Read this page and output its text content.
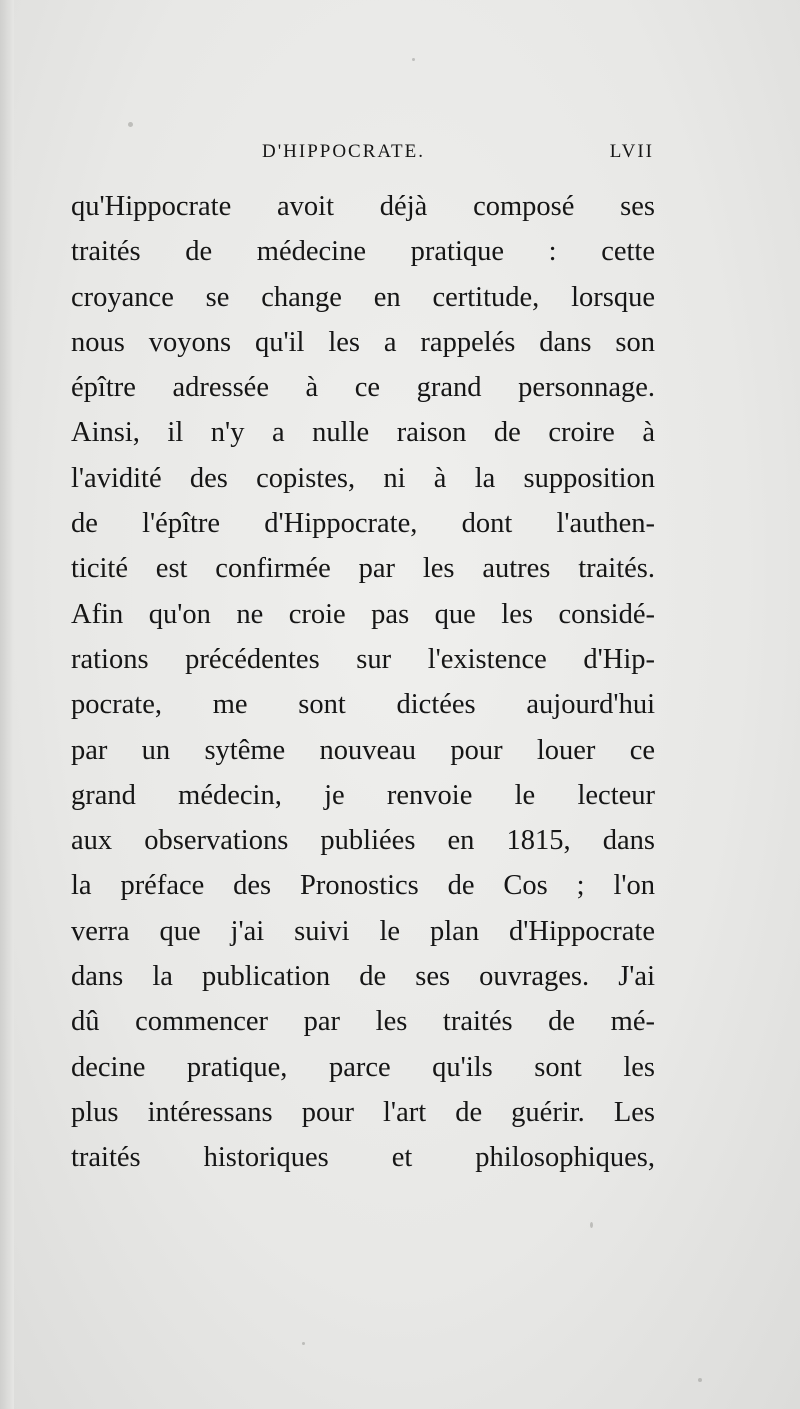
D'HIPPOCRATE.	LVII
qu'Hippocrate avoit déjà composé ses
traités de médecine pratique : cette
croyance se change en certitude, lorsque
nous voyons qu'il les a rappelés dans son
épître adressée à ce grand personnage.
Ainsi, il n'y a nulle raison de croire à
l'avidité des copistes, ni à la supposition
de l'épître d'Hippocrate, dont l'authen-
ticité est confirmée par les autres traités.
Afin qu'on ne croie pas que les considé-
rations précédentes sur l'existence d'Hip-
pocrate, me sont dictées aujourd'hui
par un sytême nouveau pour louer ce
grand médecin, je renvoie le lecteur
aux observations publiées en 1815, dans
la préface des Pronostics de Cos ; l'on
verra que j'ai suivi le plan d'Hippocrate
dans la publication de ses ouvrages. J'ai
dû commencer par les traités de mé-
decine pratique, parce qu'ils sont les
plus intéressans pour l'art de guérir. Les
traités historiques et philosophiques,
